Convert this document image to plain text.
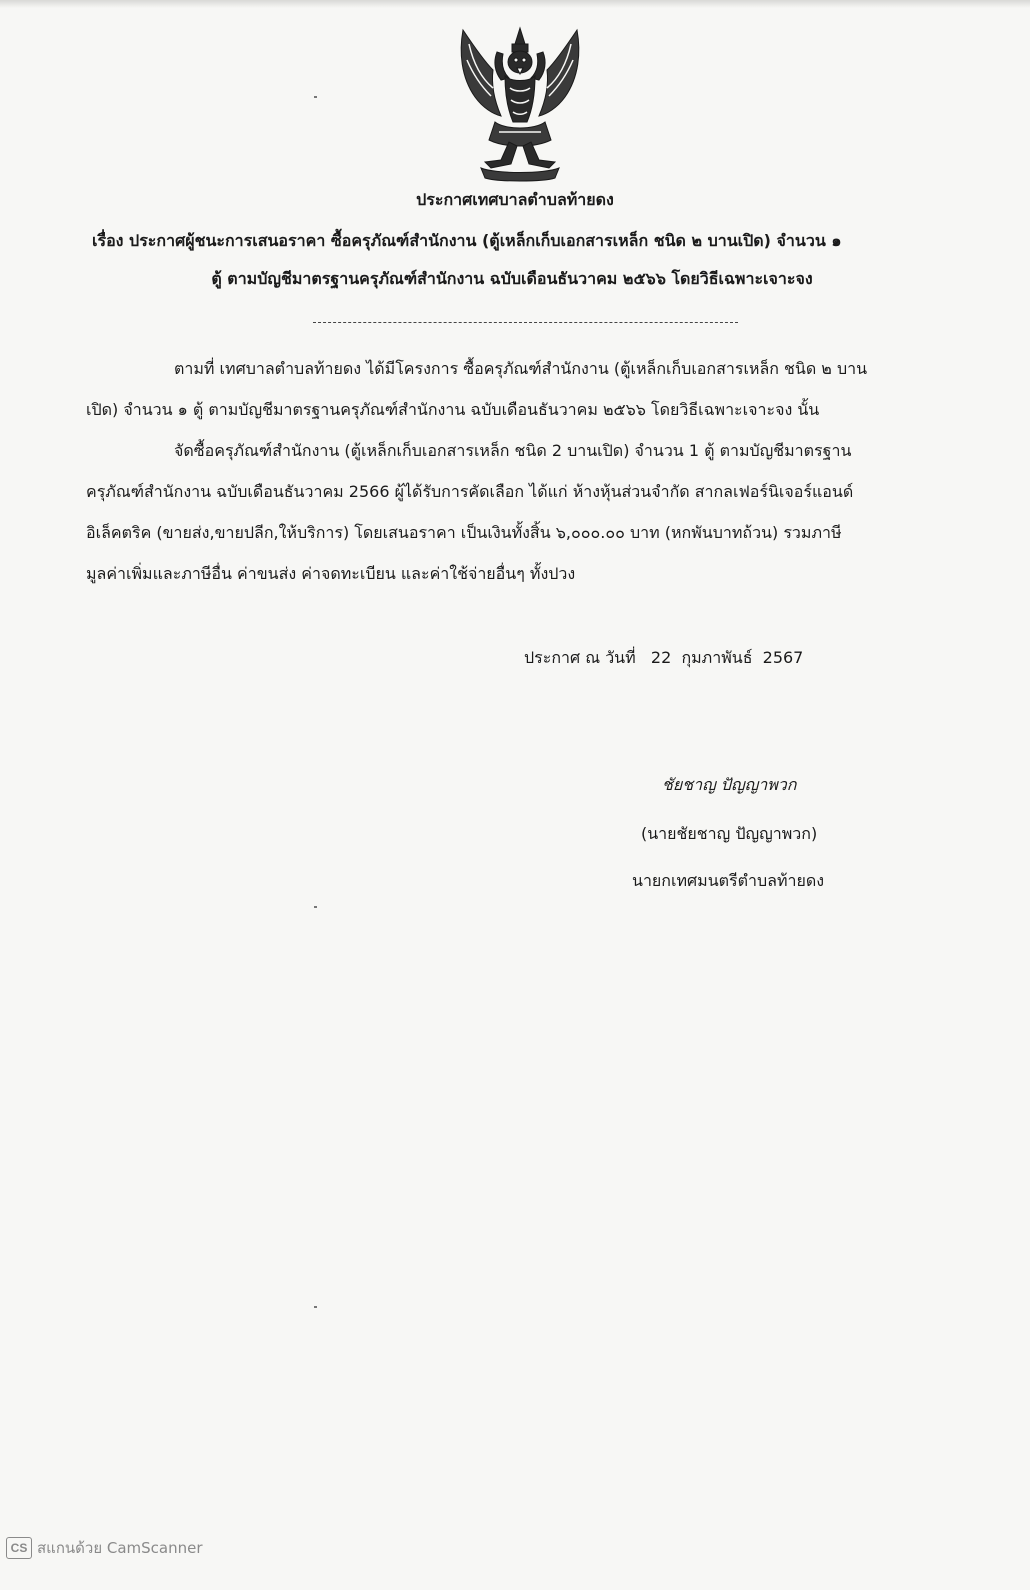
ประกาศเทศบาลตำบลท้ายดง
เรื่อง ประกาศผู้ชนะการเสนอราคา ซื้อครุภัณฑ์สำนักงาน (ตู้เหล็กเก็บเอกสารเหล็ก ชนิด ๒ บานเปิด) จำนวน ๑
ตู้ ตามบัญชีมาตรฐานครุภัณฑ์สำนักงาน ฉบับเดือนธันวาคม ๒๕๖๖ โดยวิธีเฉพาะเจาะจง
ตามที่ เทศบาลตำบลท้ายดง ได้มีโครงการ ซื้อครุภัณฑ์สำนักงาน (ตู้เหล็กเก็บเอกสารเหล็ก ชนิด ๒ บาน
เปิด) จำนวน ๑ ตู้ ตามบัญชีมาตรฐานครุภัณฑ์สำนักงาน ฉบับเดือนธันวาคม ๒๕๖๖ โดยวิธีเฉพาะเจาะจง นั้น
จัดซื้อครุภัณฑ์สำนักงาน (ตู้เหล็กเก็บเอกสารเหล็ก ชนิด 2 บานเปิด) จำนวน 1 ตู้ ตามบัญชีมาตรฐาน
ครุภัณฑ์สำนักงาน ฉบับเดือนธันวาคม 2566 ผู้ได้รับการคัดเลือก ได้แก่ ห้างหุ้นส่วนจำกัด สากลเฟอร์นิเจอร์แอนด์
อิเล็คตริค (ขายส่ง,ขายปลีก,ให้บริการ) โดยเสนอราคา เป็นเงินทั้งสิ้น ๖,๐๐๐.๐๐ บาท (หกพันบาทถ้วน) รวมภาษี
มูลค่าเพิ่มและภาษีอื่น ค่าขนส่ง ค่าจดทะเบียน และค่าใช้จ่ายอื่นๆ ทั้งปวง
ประกาศ ณ วันที่   22  กุมภาพันธ์  2567
ชัยชาญ ปัญญาพวก
(นายชัยชาญ ปัญญาพวก)
นายกเทศมนตรีตำบลท้ายดง
CS สแกนด้วย CamScanner
